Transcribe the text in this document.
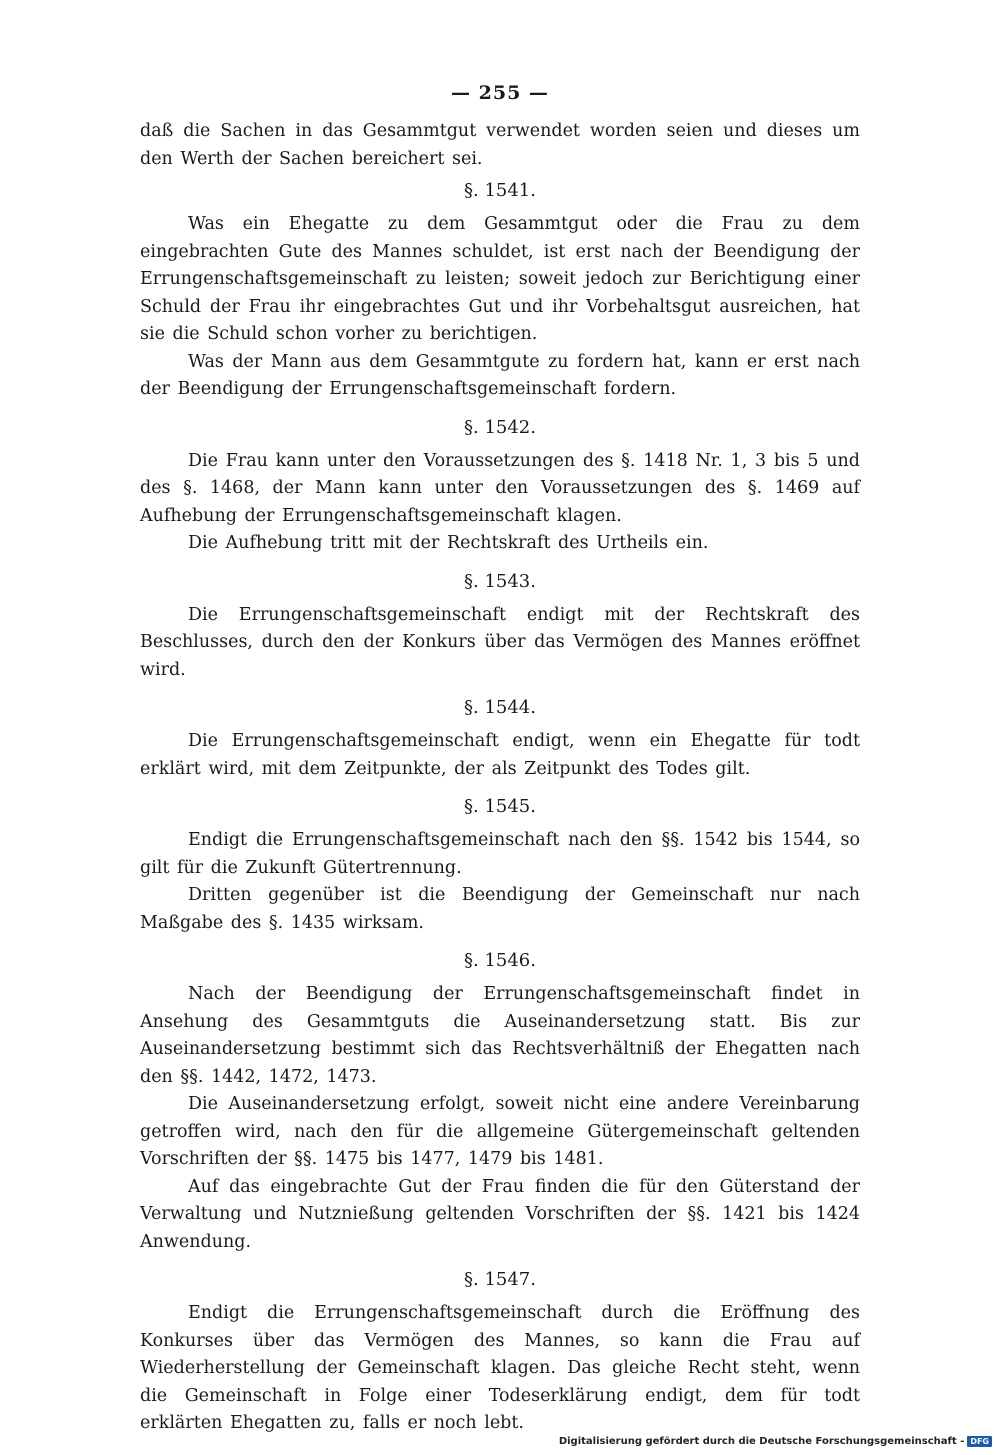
— 255 —

daß die Sachen in das Gesammtgut verwendet worden seien und dieses um den Werth der Sachen bereichert sei.

§. 1541.

Was ein Ehegatte zu dem Gesammtgut oder die Frau zu dem eingebrachten Gute des Mannes schuldet, ist erst nach der Beendigung der Errungenschaftsgemeinschaft zu leisten; soweit jedoch zur Berichtigung einer Schuld der Frau ihr eingebrachtes Gut und ihr Vorbehaltsgut ausreichen, hat sie die Schuld schon vorher zu berichtigen.

Was der Mann aus dem Gesammtgute zu fordern hat, kann er erst nach der Beendigung der Errungenschaftsgemeinschaft fordern.

§. 1542.

Die Frau kann unter den Voraussetzungen des §. 1418 Nr. 1, 3 bis 5 und des §. 1468, der Mann kann unter den Voraussetzungen des §. 1469 auf Aufhebung der Errungenschaftsgemeinschaft klagen.

Die Aufhebung tritt mit der Rechtskraft des Urtheils ein.

§. 1543.

Die Errungenschaftsgemeinschaft endigt mit der Rechtskraft des Beschlusses, durch den der Konkurs über das Vermögen des Mannes eröffnet wird.

§. 1544.

Die Errungenschaftsgemeinschaft endigt, wenn ein Ehegatte für todt erklärt wird, mit dem Zeitpunkte, der als Zeitpunkt des Todes gilt.

§. 1545.

Endigt die Errungenschaftsgemeinschaft nach den §§. 1542 bis 1544, so gilt für die Zukunft Gütertrennung.

Dritten gegenüber ist die Beendigung der Gemeinschaft nur nach Maßgabe des §. 1435 wirksam.

§. 1546.

Nach der Beendigung der Errungenschaftsgemeinschaft findet in Ansehung des Gesammtguts die Auseinandersetzung statt. Bis zur Auseinandersetzung bestimmt sich das Rechtsverhältniß der Ehegatten nach den §§. 1442, 1472, 1473.

Die Auseinandersetzung erfolgt, soweit nicht eine andere Vereinbarung getroffen wird, nach den für die allgemeine Gütergemeinschaft geltenden Vorschriften der §§. 1475 bis 1477, 1479 bis 1481.

Auf das eingebrachte Gut der Frau finden die für den Güterstand der Verwaltung und Nutznießung geltenden Vorschriften der §§. 1421 bis 1424 Anwendung.

§. 1547.

Endigt die Errungenschaftsgemeinschaft durch die Eröffnung des Konkurses über das Vermögen des Mannes, so kann die Frau auf Wiederherstellung der Gemeinschaft klagen. Das gleiche Recht steht, wenn die Gemeinschaft in Folge einer Todeserklärung endigt, dem für todt erklärten Ehegatten zu, falls er noch lebt.

Digitalisierung gefördert durch die Deutsche Forschungsgemeinschaft - DFG
